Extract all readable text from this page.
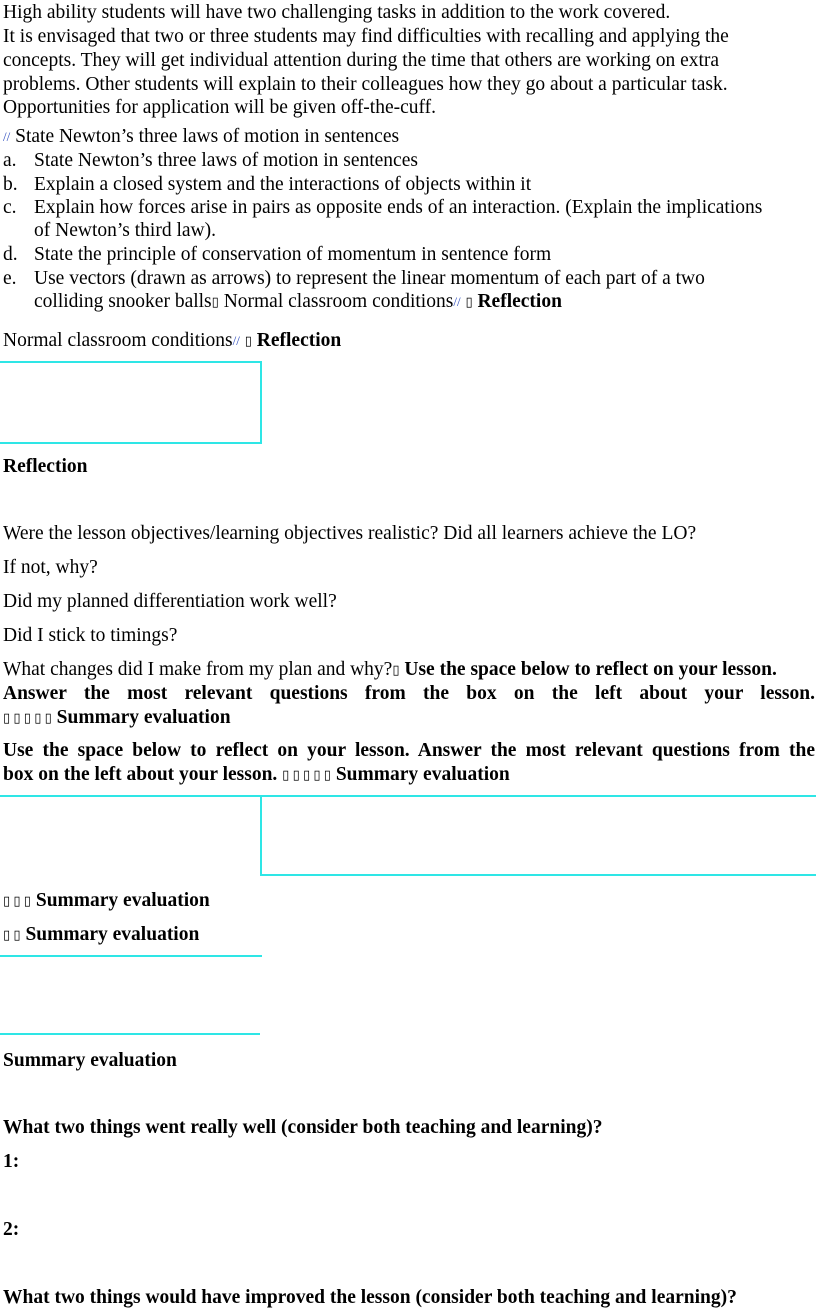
High ability students will have two challenging tasks in addition to the work covered.
It is envisaged that two or three students may find difficulties with recalling and applying the
concepts. They will get individual attention during the time that others are working on extra
problems. Other students will explain to their colleagues how they go about a particular task.
Opportunities for application will be given off-the-cuff.
// State Newton’s three laws of motion in sentences
a. State Newton’s three laws of motion in sentences
b. Explain a closed system and the interactions of objects within it
c. Explain how forces arise in pairs as opposite ends of an interaction. (Explain the implications
of Newton’s third law).
d. State the principle of conservation of momentum in sentence form
e. Use vectors (drawn as arrows) to represent the linear momentum of each part of a two
colliding snooker balls▯ Normal classroom conditions// ▯ Reflection
Normal classroom conditions// ▯ Reflection
Reflection
Were the lesson objectives/learning objectives realistic? Did all learners achieve the LO?
If not, why?
Did my planned differentiation work well?
Did I stick to timings?
What changes did I make from my plan and why?▯ Use the space below to reflect on your lesson.
Answer the most relevant questions from the box on the left about your lesson.
▯ ▯ ▯ ▯ ▯ Summary evaluation
Use the space below to reflect on your lesson. Answer the most relevant questions from the
box on the left about your lesson. ▯ ▯ ▯ ▯ ▯ Summary evaluation
▯ ▯ ▯ Summary evaluation
▯ ▯ Summary evaluation
Summary evaluation
What two things went really well (consider both teaching and learning)?
1:
2:
What two things would have improved the lesson (consider both teaching and learning)?
